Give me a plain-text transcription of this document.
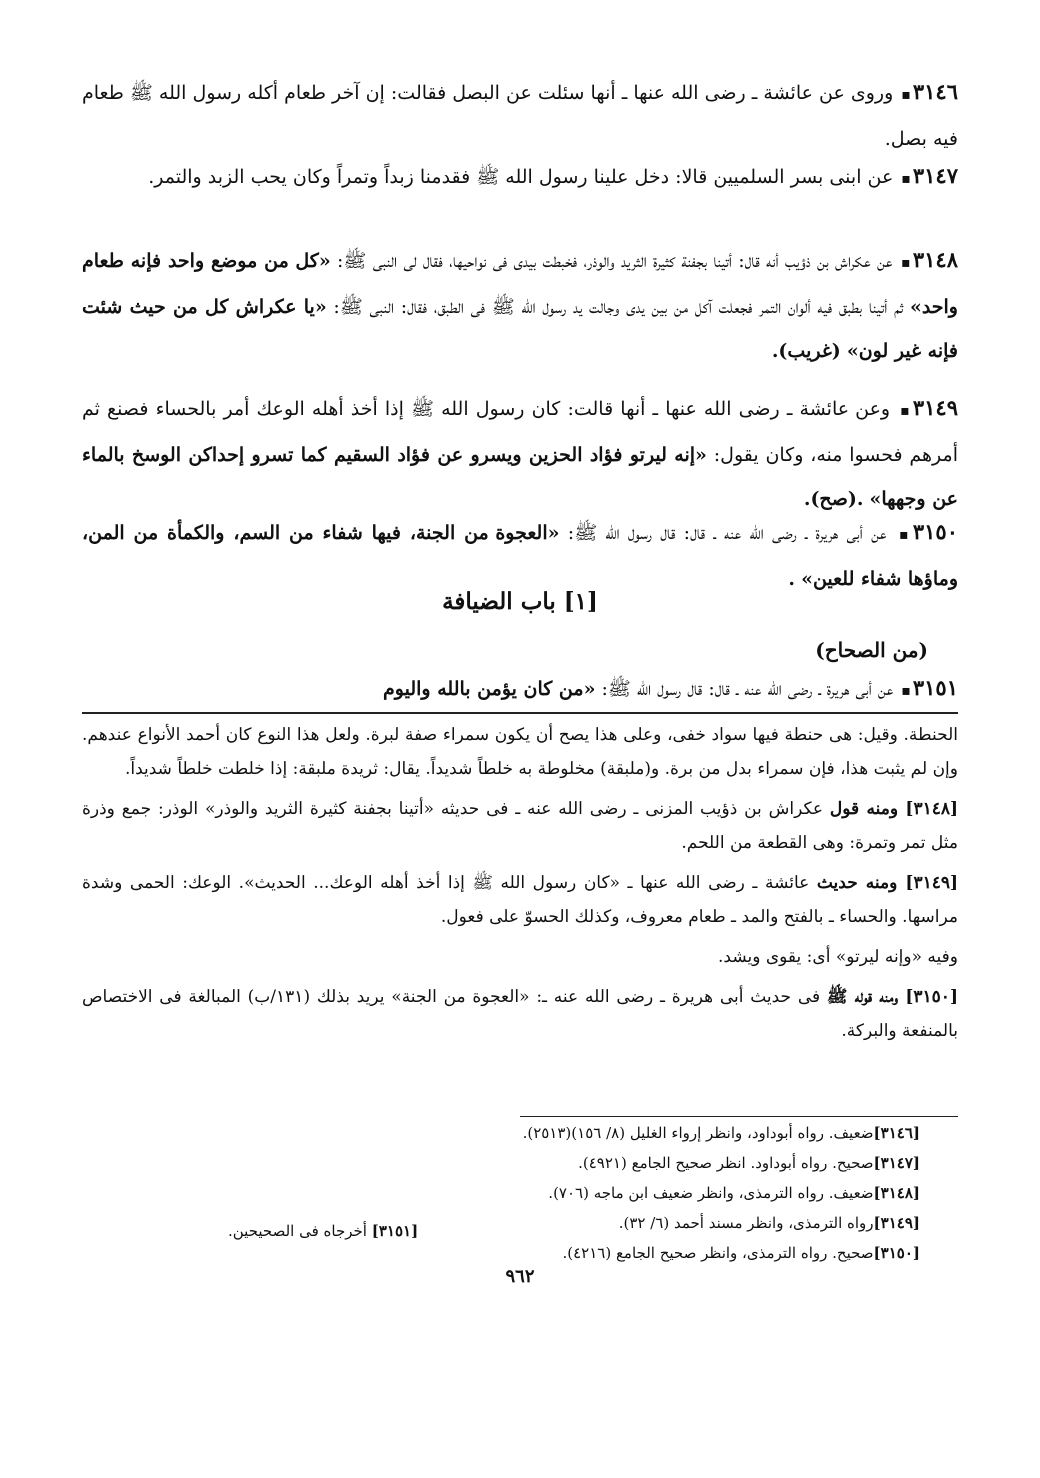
٣١٤٦ ▪ وروى عن عائشة ـ رضى الله عنها ـ أنها سئلت عن البصل فقالت: إن آخر طعام أكله رسول الله ﷺ طعام فيه بصل.
٣١٤٧ ▪ عن ابنى بسر السلميين قالا: دخل علينا رسول الله ﷺ فقدمنا زبداً وتمراً وكان يحب الزبد والتمر.
٣١٤٨ ▪ عن عكراش بن ذؤيب أنه قال: أتينا بجفنة كثيرة الثريد والوذر، فخبطت بيدى فى نواحيها، فقال لى النبى ﷺ: «كل من موضع واحد فإنه طعام واحد» ثم أتينا بطبق فيه ألوان التمر فجعلت آكل من بين يدى وجالت يد رسول الله ﷺ فى الطبق، فقال: النبى ﷺ: «يا عكراش كل من حيث شئت فإنه غير لون» (غريب).
٣١٤٩ ▪ وعن عائشة ـ رضى الله عنها ـ أنها قالت: كان رسول الله ﷺ إذا أخذ أهله الوعك أمر بالحساء فصنع ثم أمرهم فحسوا منه، وكان يقول: «إنه ليرتو فؤاد الحزين ويسرو عن فؤاد السقيم كما تسرو إحداكن الوسخ بالماء عن وجهها» .(صح).
٣١٥٠ ▪ عن أبى هريرة ـ رضى الله عنه ـ قال: قال رسول الله ﷺ: «العجوة من الجنة، فيها شفاء من السم، والكمأة من المن، وماؤها شفاء للعين» .
[١] باب الضيافة
(من الصحاح)
٣١٥١ ▪ عن أبى هريرة ـ رضى الله عنه ـ قال: قال رسول الله ﷺ: «من كان يؤمن بالله واليوم
الحنطة. وقيل: هى حنطة فيها سواد خفى، وعلى هذا يصح أن يكون سمراء صفة لبرة. ولعل هذا النوع كان أحمد الأنواع عندهم. وإن لم يثبت هذا، فإن سمراء بدل من برة. و(ملبقة) مخلوطة به خلطاً شديداً. يقال: ثريدة ملبقة: إذا خلطت خلطاً شديداً.
[٣١٤٨] ومنه قول عكراش بن ذؤيب المزنى ـ رضى الله عنه ـ فى حديثه «أتينا بجفنة كثيرة الثريد والوذر» الوذر: جمع وذرة مثل تمر وتمرة: وهى القطعة من اللحم.
[٣١٤٩] ومنه حديث عائشة ـ رضى الله عنها ـ «كان رسول الله ﷺ إذا أخذ أهله الوعك... الحديث». الوعك: الحمى وشدة مراسها. والحساء ـ بالفتح والمد ـ طعام معروف، وكذلك الحسوّ على فعول.
وفيه «وإنه ليرتو» أى: يقوى ويشد.
[٣١٥٠] ومنه قوله ﷺ فى حديث أبى هريرة ـ رضى الله عنه ـ: «العجوة من الجنة» يريد بذلك (١٣١/ب) المبالغة فى الاختصاص بالمنفعة والبركة.
[٣١٤٦]ضعيف. رواه أبوداود، وانظر إرواء الغليل (٨/ ١٥٦)(٢٥١٣).
[٣١٤٧]صحيح. رواه أبوداود. انظر صحيح الجامع (٤٩٢١).
[٣١٤٨]ضعيف. رواه الترمذى، وانظر ضعيف ابن ماجه (٧٠٦).
[٣١٤٩]رواه الترمذى، وانظر مسند أحمد (٦/ ٣٢).
[٣١٥٠]صحيح. رواه الترمذى، وانظر صحيح الجامع (٤٢١٦).
[٣١٥١] أخرجاه فى الصحيحين.
٩٦٢
